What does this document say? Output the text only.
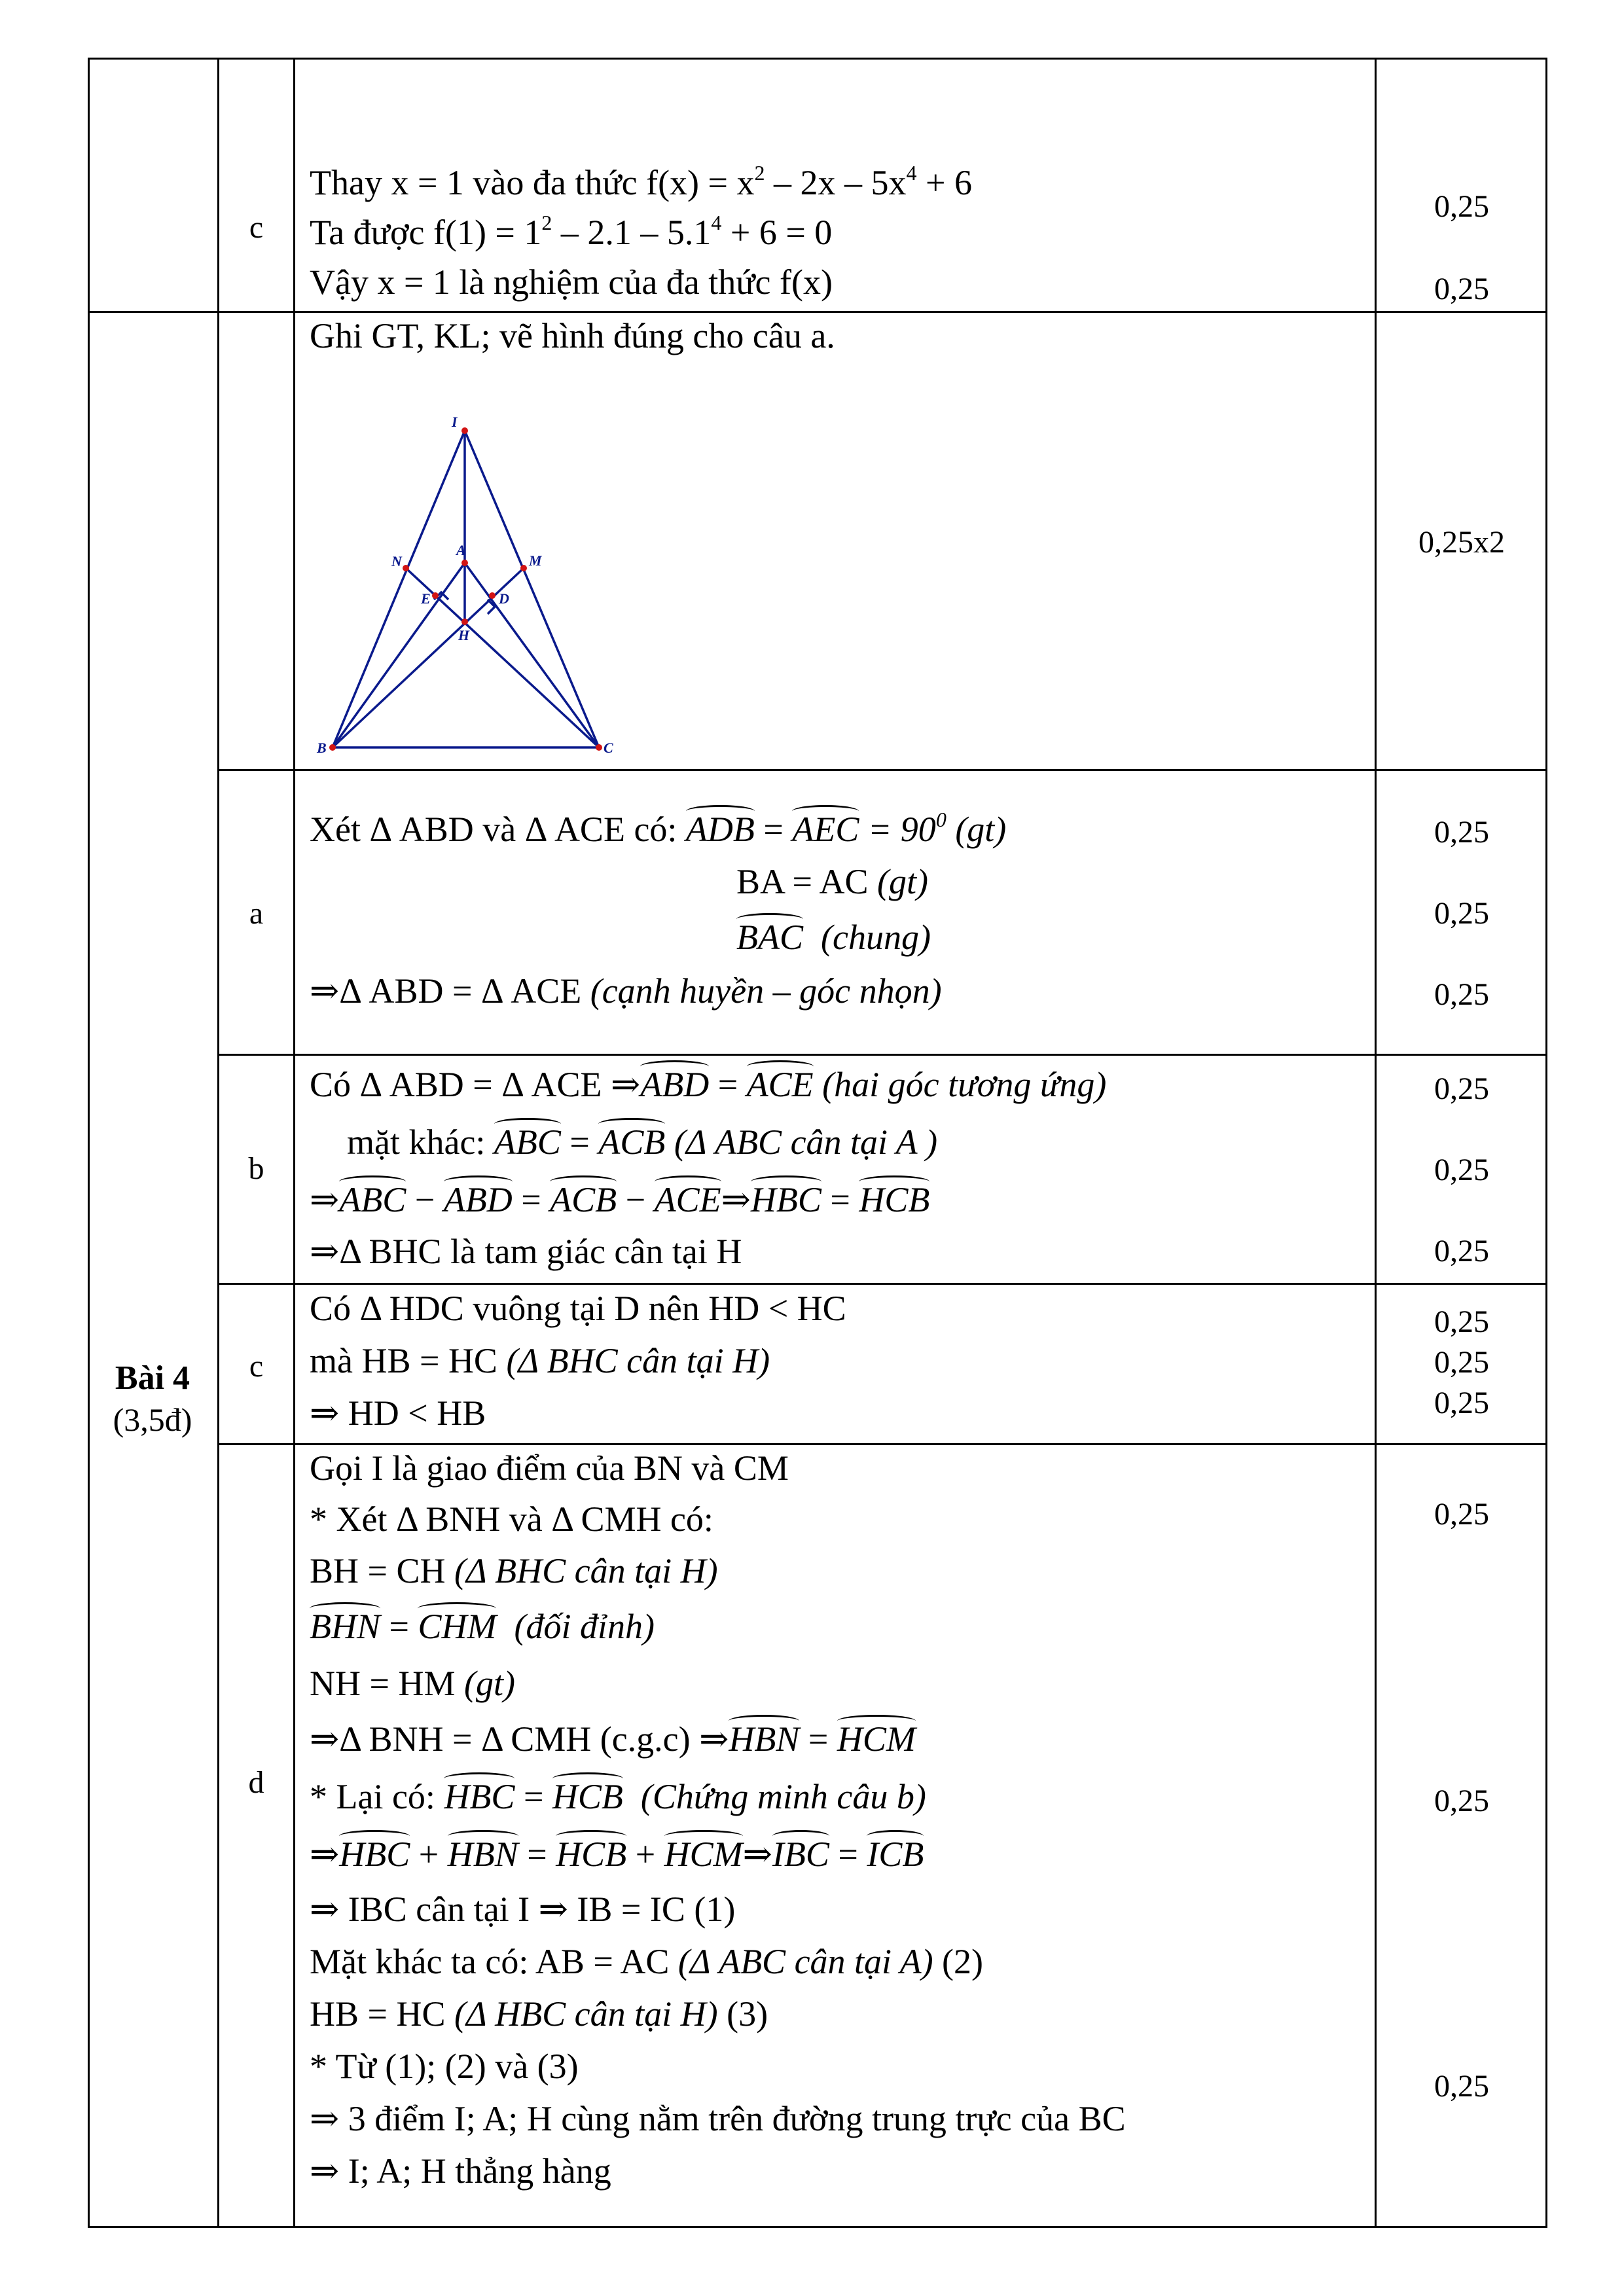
Bài 4
(3,5đ)
c
Thay x = 1 vào đa thức $f(x) = x^2 - 2x - 5x^4 + 6$
Ta được $f(1) = 1^2 - 2.1 - 5.1^4 + 6 = 0$
Vậy x = 1 là nghiệm của đa thức f(x)
0,25
0,25
Ghi GT, KL; vẽ hình đúng cho câu a.
0,25x2
I
N
A
M
E	D
H
B	C
a
Xét Δ ABD và Δ ACE có: ADB = AEC = $90^0$ (gt)
BA = AC (gt)
BAC (chung)
⇒Δ ABD = Δ ACE (cạnh huyền – góc nhọn)
0,25
0,25
0,25
b
Có Δ ABD = Δ ACE ⇒ABD = ACE (hai góc tương ứng)
mặt khác: ABC = ACB (Δ ABC cân tại A )
⇒ABC − ABD = ACB − ACE⇒HBC = HCB
⇒Δ BHC là tam giác cân tại H
0,25
0,25
0,25
c
Có Δ HDC vuông tại D nên HD < HC
mà HB = HC (Δ BHC cân tại H)
⇒ HD < HB
0,25
0,25
0,25
d
Gọi I là giao điểm của BN và CM
* Xét Δ BNH và Δ CMH có:
BH = CH (Δ BHC cân tại H)
BHN = CHM (đối đỉnh)
NH = HM (gt)
⇒Δ BNH = Δ CMH (c.g.c) ⇒HBN = HCM
* Lại có: HBC = HCB (Chứng minh câu b)
⇒HBC + HBN = HCB + HCM⇒IBC = ICB
⇒ IBC cân tại I ⇒ IB = IC (1)
Mặt khác ta có: AB = AC (Δ ABC cân tại A) (2)
HB = HC (Δ HBC cân tại H) (3)
* Từ (1); (2) và (3)
⇒ 3 điểm I; A; H cùng nằm trên đường trung trực của BC
⇒ I; A; H thẳng hàng
0,25
0,25
0,25
